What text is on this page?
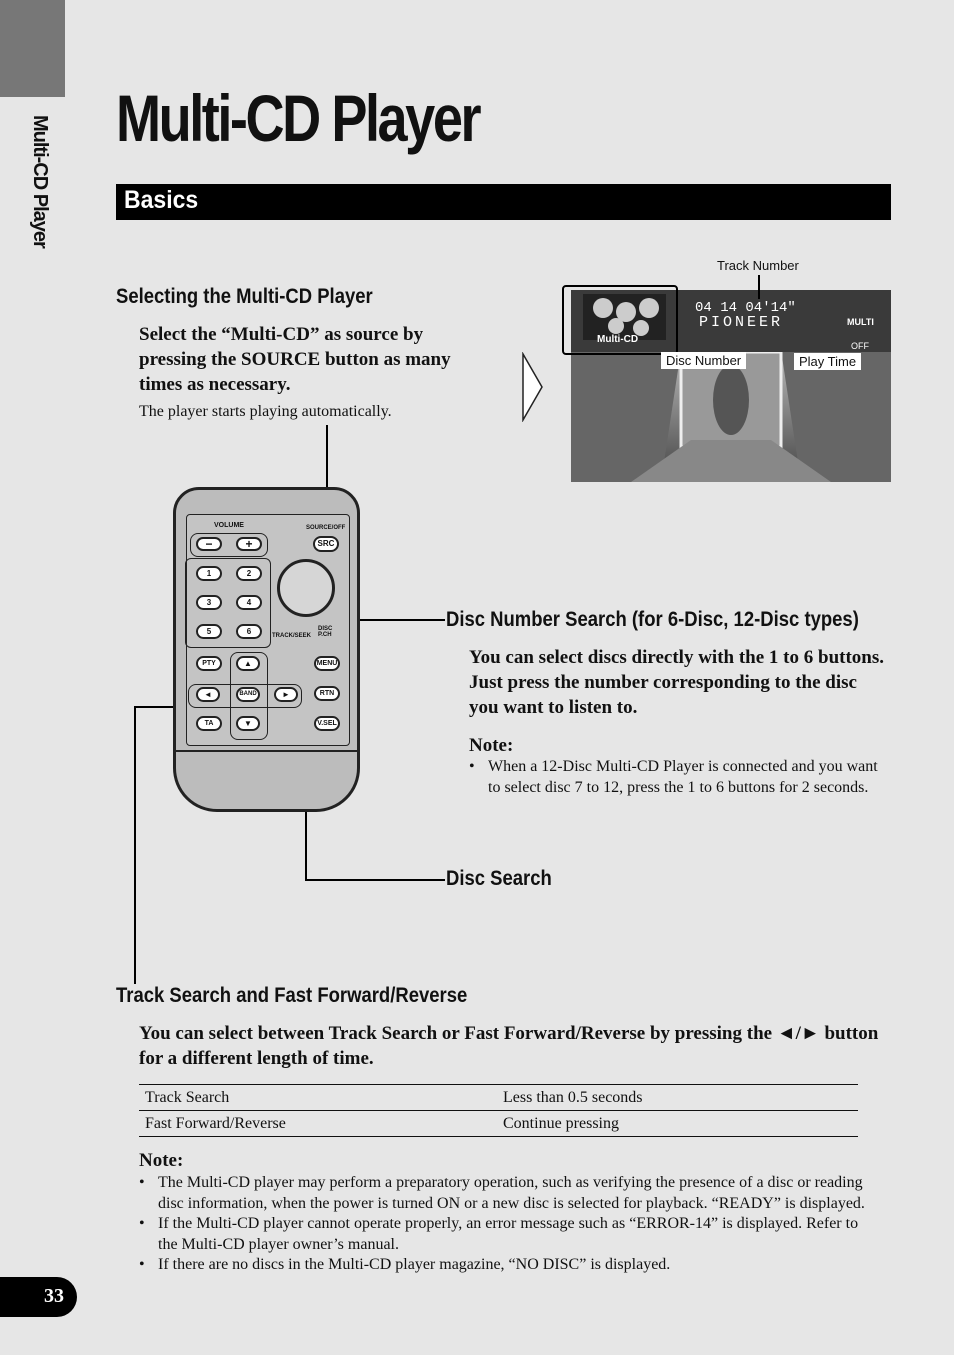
Multi-CD Player Multi-CD Player
Basics
Selecting the Multi-CD Player
Select the “Multi-CD” as source by pressing the SOURCE button as many times as necessary.
The player starts playing automatically.
04 14 04'14"
PIONEER	MULTI
OFF
Multi-CD
Track Number
Disc Number	Play Time
VOLUME	SOURCE/OFF
−	+	SRC
1	2
3	4
5	6	TRACK/SEEK
DISC P.CH
PTY	▲	MENU
◄	BAND	►	RTN
TA	▼	V.SEL
Disc Number Search (for 6-Disc, 12-Disc types)
You can select discs directly with the 1 to 6 buttons. Just press the number corresponding to the disc you want to listen to.
Note:
• When a 12-Disc Multi-CD Player is connected and you want to select disc 7 to 12, press the 1 to 6 buttons for 2 seconds.
Disc Search
Track Search and Fast Forward/Reverse
You can select between Track Search or Fast Forward/Reverse by pressing the ◄/► button for a different length of time.
Track Search	Less than 0.5 seconds
Fast Forward/Reverse	Continue pressing
Note:
• The Multi-CD player may perform a preparatory operation, such as verifying the presence of a disc or reading disc information, when the power is turned ON or a new disc is selected for playback. “READY” is displayed.
• If the Multi-CD player cannot operate properly, an error message such as “ERROR-14” is displayed. Refer to the Multi-CD player owner’s manual.
• If there are no discs in the Multi-CD player magazine, “NO DISC” is displayed.
33
